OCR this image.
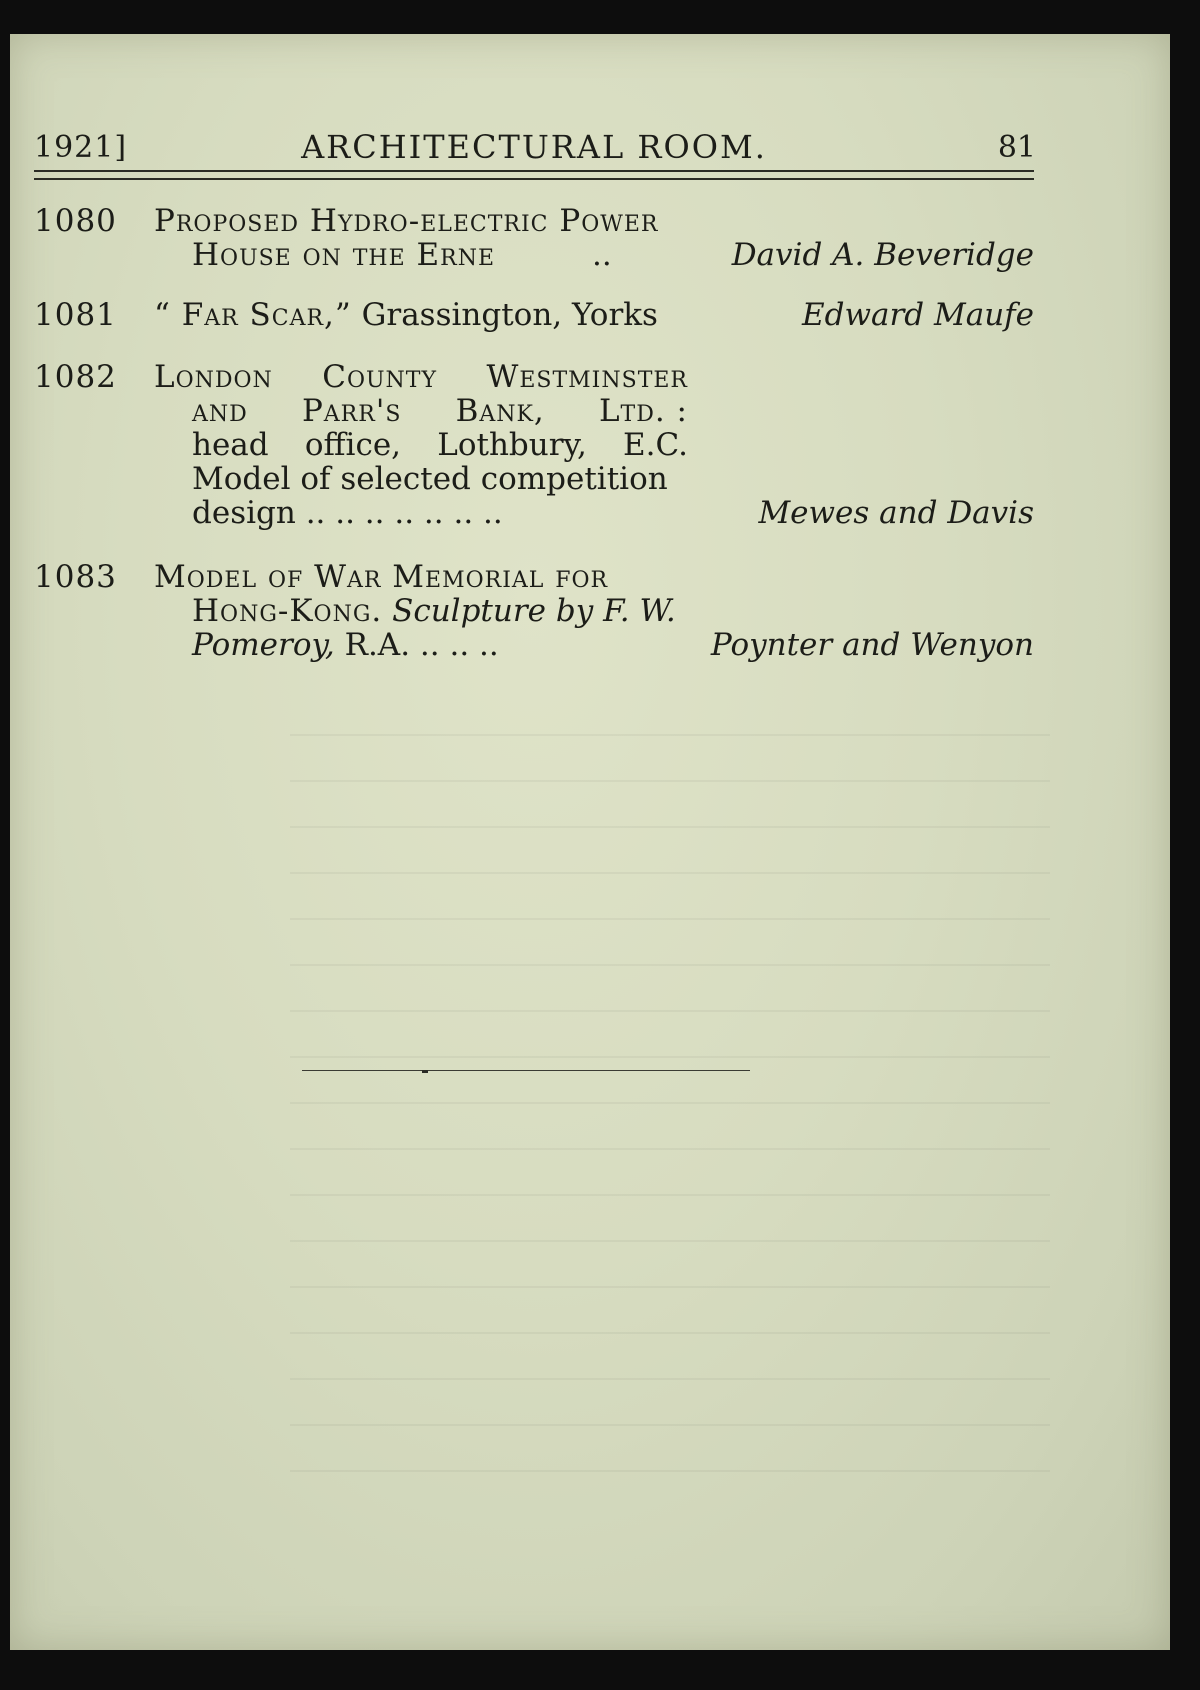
1921]	ARCHITECTURAL ROOM.	81
1080 Proposed Hydro-electric Power
House on the Erne	..	David A. Beveridge
1081 “ Far Scar,” Grassington, Yorks	Edward Maufe
1082 London County Westminster
and Parr's Bank, Ltd. :
head office, Lothbury, E.C.
Model of selected competition
design .. .. .. .. .. .. ..	Mewes and Davis
1083 Model of War Memorial for
Hong-Kong. Sculpture by F. W.
Pomeroy, R.A. .. .. ..	Poynter and Wenyon
